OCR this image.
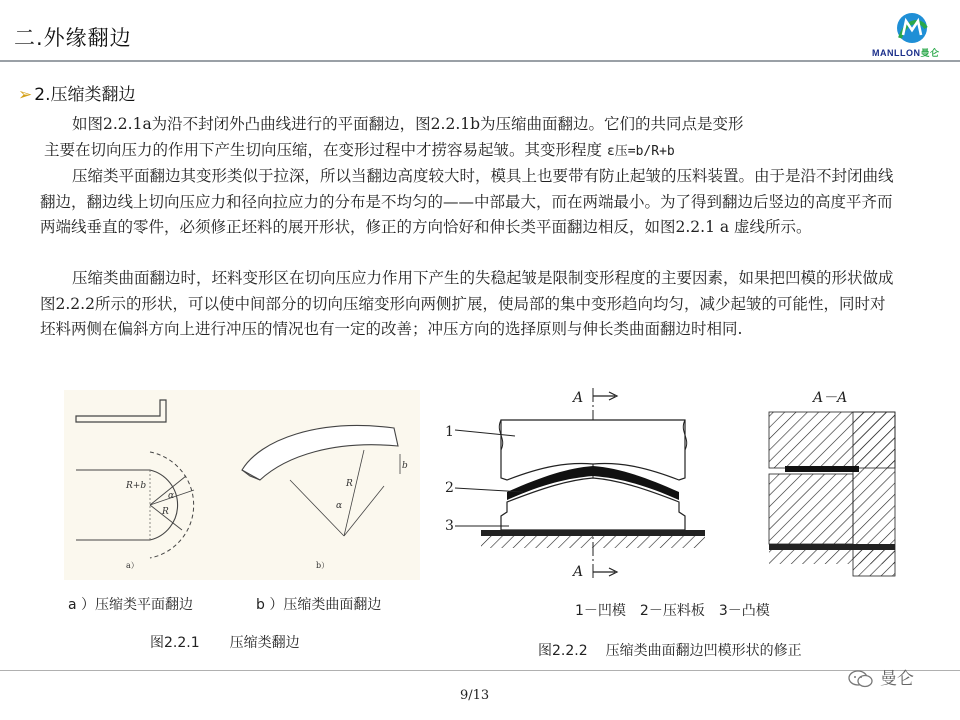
二.外缘翻边
MANLLON曼仑
➢ 2.压缩类翻边
如图2.2.1a为沿不封闭外凸曲线进行的平面翻边，图2.2.1b为压缩曲面翻边。它们的共同点是变形
主要在切向压力的作用下产生切向压缩，在变形过程中才捞容易起皱。其变形程度 ε压=b/R+b
压缩类平面翻边其变形类似于拉深，所以当翻边高度较大时，模具上也要带有防止起皱的压料装置。由于是沿不封闭曲线翻边，翻边线上切向压应力和径向拉应力的分布是不均匀的——中部最大，而在两端最小。为了得到翻边后竖边的高度平齐而两端线垂直的零件，必须修正坯料的展开形状，修正的方向恰好和伸长类平面翻边相反，如图2.2.1 a 虚线所示。
压缩类曲面翻边时，坯料变形区在切向压应力作用下产生的失稳起皱是限制变形程度的主要因素，如果把凹模的形状做成图2.2.2所示的形状，可以使中间部分的切向压缩变形向两侧扩展，使局部的集中变形趋向均匀，减少起皱的可能性，同时对坯料两侧在偏斜方向上进行冲压的情况也有一定的改善；冲压方向的选择原则与伸长类曲面翻边时相同.
R+b
R
α
a）
R
α
b
b）
A
A
1
2
3
A－A
a ）压缩类平面翻边	b ）压缩类曲面翻边
图2.2.1 压缩类翻边
1－凹模　2－压料板　3－凸模
图2.2.2 压缩类曲面翻边凹模形状的修正
9/13
曼仑
